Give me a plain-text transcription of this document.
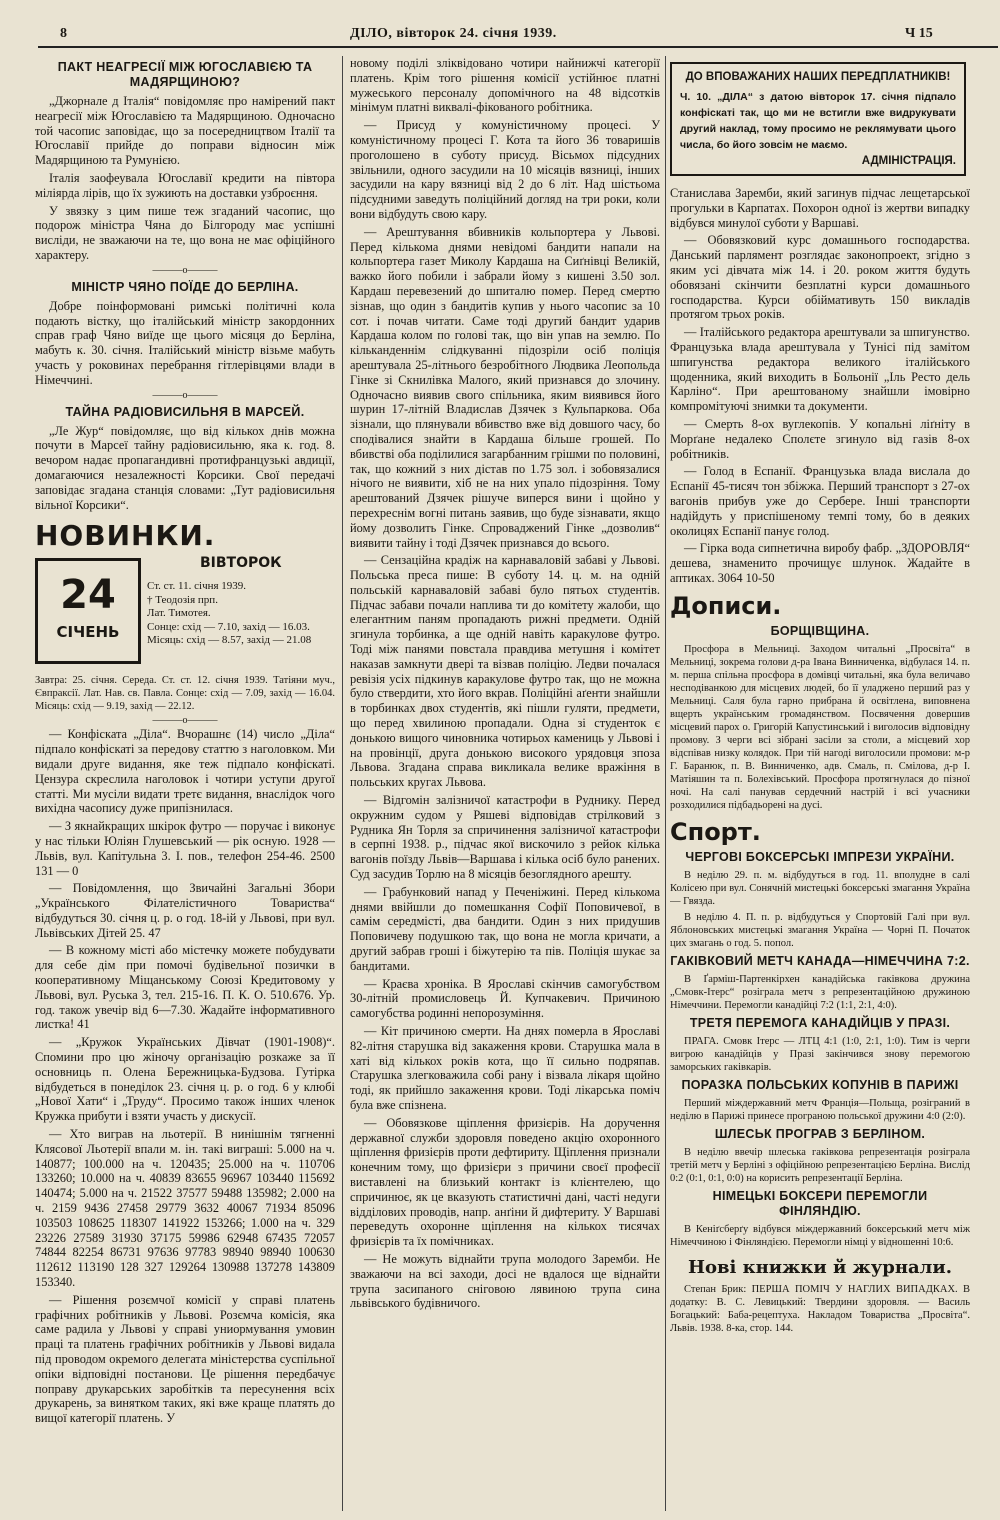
8	ДІЛО, вівторок 24. січня 1939.	Ч 15
ПАКТ НЕАГРЕСІЇ МІЖ ЮГОСЛАВІЄЮ ТА МАДЯРЩИНОЮ?

„Джорнале д Італія“ повідомляє про намірений пакт неагресії між Югославією та Мадярщиною. Одночасно той часопис заповідає, що за посередництвом Італії та Югославії прийде до поправи відносин між Мадярщиною та Румунією.

Італія заофеувала Югославії кредити на півтора міліярда лірів, що їх зужиють на доставки узброєння.

У звязку з цим пише теж згаданий часопис, що подорож міністра Чяна до Білгороду має успішні висліди, не зважаючи на те, що вона не має офіційного характеру.

———o———
МІНІСТР ЧЯНО ПОЇДЕ ДО БЕРЛІНА.

Добре поінформовані римські політичні кола подають вістку, що італійський міністр закордонних справ граф Чяно виїде ще цього місяця до Берліна, мабуть к. 30. січня. Італійський міністр візьме мабуть участь у роковинах перебрання гітлерівцями влади в Німеччині.

———o———
ТАЙНА РАДІОВИСИЛЬНЯ В МАРСЕЙ.

„Ле Жур“ повідомляє, що від кількох днів можна почути в Марсеї тайну радіовисильню, яка к. год. 8. вечором надає пропагандивні протифранцузькі авдиції, домагаючися незалежності Корсики. Свої передачі заповідає згадана станція словами: „Тут радіовисильня вільної Корсики“.

НОВИНКИ.
24
СІЧЕНЬ
ВІВТОРОК
Ст. ст. 11. січня 1939.
† Теодозія прп.
Лат. Тимотея.
Сонце: схід — 7.10, захід — 16.03.
Місяць: схід — 8.57, захід — 21.08

Завтра: 25. січня. Середа. Ст. ст. 12. січня 1939. Татіяни муч., Євпраксії. Лат. Нав. св. Павла. Сонце: схід — 7.09, захід — 16.04. Місяць: схід — 9.19, захід — 22.12.

———o———

— Конфіската „Діла“. Вчорашнє (14) число „Діла“ підпало конфіскаті за передову статтю з наголовком. Ми видали друге видання, яке теж підпало конфіскаті. Цензура скреслила наголовок і чотири уступи другої статті. Ми мусіли видати третє видання, внаслідок чого вихідна часопису дуже припізнилася.

— З якнайкращих шкірок футро — поручає і виконує у нас тільки Юліян Глушевський — рік осную. 1928 — Львів, вул. Капітульна 3. І. пов., телефон 254-46. 2500 131 — 0

— Повідомлення, що Звичайні Загальні Збори „Українського Філателістичного Товариства“ відбудуться 30. січня ц. р. о год. 18-ій у Львові, при вул. Львівських Дітей 25. 47

— В кожному місті або містечку можете побудувати для себе дім при помочі будівельної позички в кооперативному Міщанському Союзі Кредитовому у Львові, вул. Руська 3, тел. 215-16. П. К. О. 510.676. Ур. год. також увечір від 6—7.30. Жадайте інформативного листка! 41

— „Кружок Українських Дівчат (1901-1908)“. Спомини про цю жіночу організацію розкаже за її основниць п. Олена Бережницька-Будзова. Гутірка відбудеться в понеділок 23. січня ц. р. о год. 6 у клюбі „Нової Хати“ і „Труду“. Просимо також інших членок Кружка прибути і взяти участь у дискусії.

— Хто виграв на льотерії. В нинішнім тягненні Клясової Льотерії впали м. ін. такі виграші: 5.000 на ч. 140877; 100.000 на ч. 120435; 25.000 на ч. 110706 133260; 10.000 на ч. 40839 83655 96967 103440 115692 140474; 5.000 на ч. 21522 37577 59488 135982; 2.000 на ч. 2159 9436 27458 29779 3632 40067 71934 85096 103503 108625 118307 141922 153266; 1.000 на ч. 329 23226 27589 31930 37175 59986 62948 67435 72057 74844 82254 86731 97636 97783 98940 98940 100630 112612 113190 128 327 129264 130988 137278 143809 153340.

— Рішення розємчої комісії у справі платень графічних робітників у Львові. Розємча комісія, яка саме радила у Львові у справі униормування умовин праці та платень графічних робітників у Львові видала під проводом окремого делегата міністерства суспільної опіки відповідні постанови. Це рішення передбачує поправу друкарських заробітків та пересунення всіх друкарень, за винятком таких, які вже краще платять до вищої категорії платень. У

новому поділі зліквідовано чотири найнижчі категорії платень. Крім того рішення комісії устійнює платні мужеського персоналу допомічного на 48 відсотків мінімум платні виквалі-фікованого робітника.

— Присуд у комуністичному процесі. У комуністичному процесі Г. Кота та його 36 товаришів проголошено в суботу присуд. Вісьмох підсудних звільнили, одного засудили на 10 місяців вязниці, інших засудили на кару вязниці від 2 до 6 літ. Над шістьома підсудними заведуть поліційний догляд на три роки, коли вони відбудуть свою кару.

— Арештування вбивників кольпортера у Львові. Перед кількома днями невідомі бандити напали на кольпортера газет Миколу Кардаша на Сиґнівці Великій, важко його побили і забрали йому з кишені 3.50 зол. Кардаш перевезений до шпиталю помер. Перед смертю зізнав, що один з бандитів купив у нього часопис за 10 сот. і почав читати. Саме тоді другий бандит ударив Кардаша колом по голові так, що він упав на землю. По кільканденнім слідкуванні підозріли осіб поліція арештувала 25-літнього безробітного Людвика Леопольда Гінке зі Скнилівка Малого, який признався до злочину. Одночасно виявив свого спільника, яким виявився його шурин 17-літній Владислав Дзячек з Кульпаркова. Оба зізнали, що плянували вбивство вже від довшого часу, бо сподівалися знайти в Кардаша більше грошей. По вбивстві оба поділилися загарбанним грішми по половині, так, що кожний з них дістав по 1.75 зол. і зобовязалися нічого не виявити, хіб не на них упало підозріння. Тому арештований Дзячек рішуче виперся вини і щойно у перехреснім вогні питань заявив, що буде зізнавати, якщо йому дозволить Гінке. Спроваджений Гінке „дозволив“ виявити тайну і тоді Дзячек признався до всього.

— Сензаційна крадіж на карнаваловій забаві у Львові. Польська преса пише: В суботу 14. ц. м. на одній польській карнаваловій забаві було пятьох студентів. Підчас забави почали наплива ти до комітету жалоби, що елегантним паням пропадають рижні предмети. Одній згинула торбинка, а ще одній навіть каракулове футро. Тоді між панями повстала правдива метушня і комітет наказав замкнути двері та візвав поліцію. Ледви почалася ревізія усіх підкинув каракулове футро так, що не можна було ствердити, хто його вкрав. Поліційні аґенти знайшли в торбинках двох студентів, які пішли гуляти, предмети, що перед хвилиною пропадали. Одна зі студенток є донькою вищого чиновника чотирьох камениць у Львові і на провінції, друга донькою високого урядовця зпоза Львова. Згадана справа викликала велике вражіння в польських кругах Львова.

— Відгомін залізничої катастрофи в Руднику. Перед окружним судом у Ряшеві відповідав стрілковий з Рудника Ян Торля за спричинення залізничої катастрофи в серпні 1938. р., підчас якої вискочило з рейок кілька вагонів поїзду Львів—Варшава і кілька осіб було ранених. Суд засудив Торлю на 8 місяців безоглядного арешту.

— Грабунковий напад у Печеніжині. Перед кількома днями ввійшли до помешкання Софії Поповичевої, в самім середмісті, два бандити. Один з них придушив Поповичеву подушкою так, що вона не могла кричати, а другий забрав гроші і біжутерію та пів. Поліція шукає за бандитами.

— Краєва хроніка. В Ярославі скінчив самогубством 30-літній промисловець Й. Купчакевич. Причиною самогубства родинні непорозуміння.

— Кіт причиною смерти. На днях померла в Ярославі 82-літня старушка від закаження крови. Старушка мала в хаті від кількох років кота, що її сильно подряпав. Старушка злегковажила собі рану і візвала лікаря щойно тоді, як прийшло закаження крови. Тоді лікарська поміч була вже спізнена.

— Обовязкове щіплення фризієрів. На доручення державної служби здоровля поведено акцію охоронного щіплення фризієрів проти дефтириту. Щіплення признали конечним тому, що фризієри з причини своєї професії виставлені на близький контакт із клієнтелею, що спричинює, як це вказують статистичні дані, часті недуги відділових проводів, напр. анґіни й дифтериту. У Варшаві переведуть охоронне щіплення на кількох тисячах фризієрів та їх помічниках.

— Не можуть віднайти трупа молодого Заремби. Не зважаючи на всі заходи, досі не вдалося ще віднайти трупа засипаного сніговою лявиною трупа сина львівського будівничого.

ДО ВПОВАЖАНИХ НАШИХ ПЕРЕДПЛАТНИКІВ!
Ч. 10. „ДІЛА“ з датою вівторок 17. січня підпало конфіскаті так, що ми не встигли вже видрукувати другий наклад, тому просимо не реклямувати цього числа, бо його зовсім не маємо.
АДМІНІСТРАЦІЯ.

Станислава Заремби, який загинув підчас лещетарської прогульки в Карпатах. Похорон одної із жертви випадку відбувся минулої суботи у Варшаві.

— Обовязковий курс домашнього господарства. Данський парлямент розглядає законопроект, згідно з яким усі дівчата між 14. і 20. роком життя будуть обовязані скінчити безплатні курси домашнього господарства. Курси обіймативуть 150 викладів протягом трьох років.

— Італійського редактора арештували за шпигунство. Французька влада арештувала у Тунісі під замітом шпигунства редактора великого італійського щоденника, який виходить в Больонії „Іль Ресто дель Карліно“. При арештованому знайшли імовірно компромітуючі знимки та документи.

— Смерть 8-ох вуглекопів. У копальні ліґніту в Морґане недалеко Сполєте згинуло від газів 8-ох робітників.

— Голод в Еспанії. Французька влада вислала до Еспанії 45-тисяч тон збіжжа. Перший транспорт з 27-ох вагонів прибув уже до Сербере. Інші транспорти надійдуть у приспішеному темпі тому, бо в деяких околицях Еспанії панує голод.

— Гірка вода сипнетична виробу фабр. „ЗДОРОВЛЯ“ дешева, знаменито прочищує шлунок. Жадайте в аптиках. 3064 10-50

Дописи.
БОРЩІВЩИНА.

Просфора в Мельниці. Заходом читальні „Просвіта“ в Мельниці, зокрема голови д-ра Івана Винниченка, відбулася 14. п. м. перша спільна просфора в домівці читальні, яка була величаво несподіванкою для місцевих людей, бо її уладжено перший раз у Мельниці. Саля була гарно прибрана й освітлена, виповнена вщерть українським громадянством. Посвячення довершив місцевий парох о. Григорій Капустинський і виголосив відповідну промову. З черги всі зібрані засіли за столи, а місцевий хор відспівав низку колядок. При тій нагоді виголосили промови: м-р Г. Баранюк, п. В. Винниченко, адв. Смаль, п. Смілова, д-р І. Матіяшин та п. Болехівський. Просфора протягнулася до пізної ночі. На салі панував сердечний настрій і всі учасники розходилися підбадьорені на дусі.

Спорт.
ЧЕРГОВІ БОКСЕРСЬКІ ІМПРЕЗИ УКРАЇНИ.

В неділю 29. п. м. відбудуться в год. 11. вполудне в салі Колісею при вул. Сонячній мистецькі боксерські змагання Україна — Гвязда.

В неділю 4. П. п. р. відбудуться у Спортовій Галі при вул. Яблоновських мистецькі змагання Україна — Чорні П. Початок цих змагань о год. 5. попол.

ГАКІВКОВИЙ МЕТЧ КАНАДА—НІМЕЧЧИНА 7:2.

В Ґарміш-Партенкірхен канадійська гаківкова дружина „Смовк-Ітерс“ розіграла метч з репрезентаційною дружиною Німеччини. Перемогли канадійці 7:2 (1:1, 2:1, 4:0).

ТРЕТЯ ПЕРЕМОГА КАНАДІЙЦІВ У ПРАЗІ.

ПРАГА. Смовк Ітерс — ЛТЦ 4:1 (1:0, 2:1, 1:0). Тим із черги вигрою канадійців у Празі закінчився знову перемогою заморських гаківкарів.

ПОРАЗКА ПОЛЬСЬКИХ КОПУНІВ В ПАРИЖІ

Перший міждержавний метч Франція—Польща, розіграний в неділю в Парижі принесе програною польської дружини 4:0 (2:0).

ШЛЕСЬК ПРОГРАВ З БЕРЛІНОМ.

В неділю ввечір шлеська гаківкова репрезентація розіграла третій метч у Берліні з офіційною репрезентацією Берліна. Вислід 0:2 (0:1, 0:1, 0:0) на корисить репрезентації Берліна.

НІМЕЦЬКІ БОКСЕРИ ПЕРЕМОГЛИ ФІНЛЯНДІЮ.

В Кеніґсберґу відбувся міждержавний боксерський метч між Німеччиною і Фінляндією. Перемогли німці у відношенні 10:6.

Нові книжки й журнали.

Степан Брик: ПЕРША ПОМІЧ У НАГЛИХ ВИПАДКАХ. В додатку: В. С. Левицький: Твердини здоровля. — Василь Богацький: Баба-рецептуха. Накладом Товариства „Просвіта“. Львів. 1938. 8-ка, стор. 144.
